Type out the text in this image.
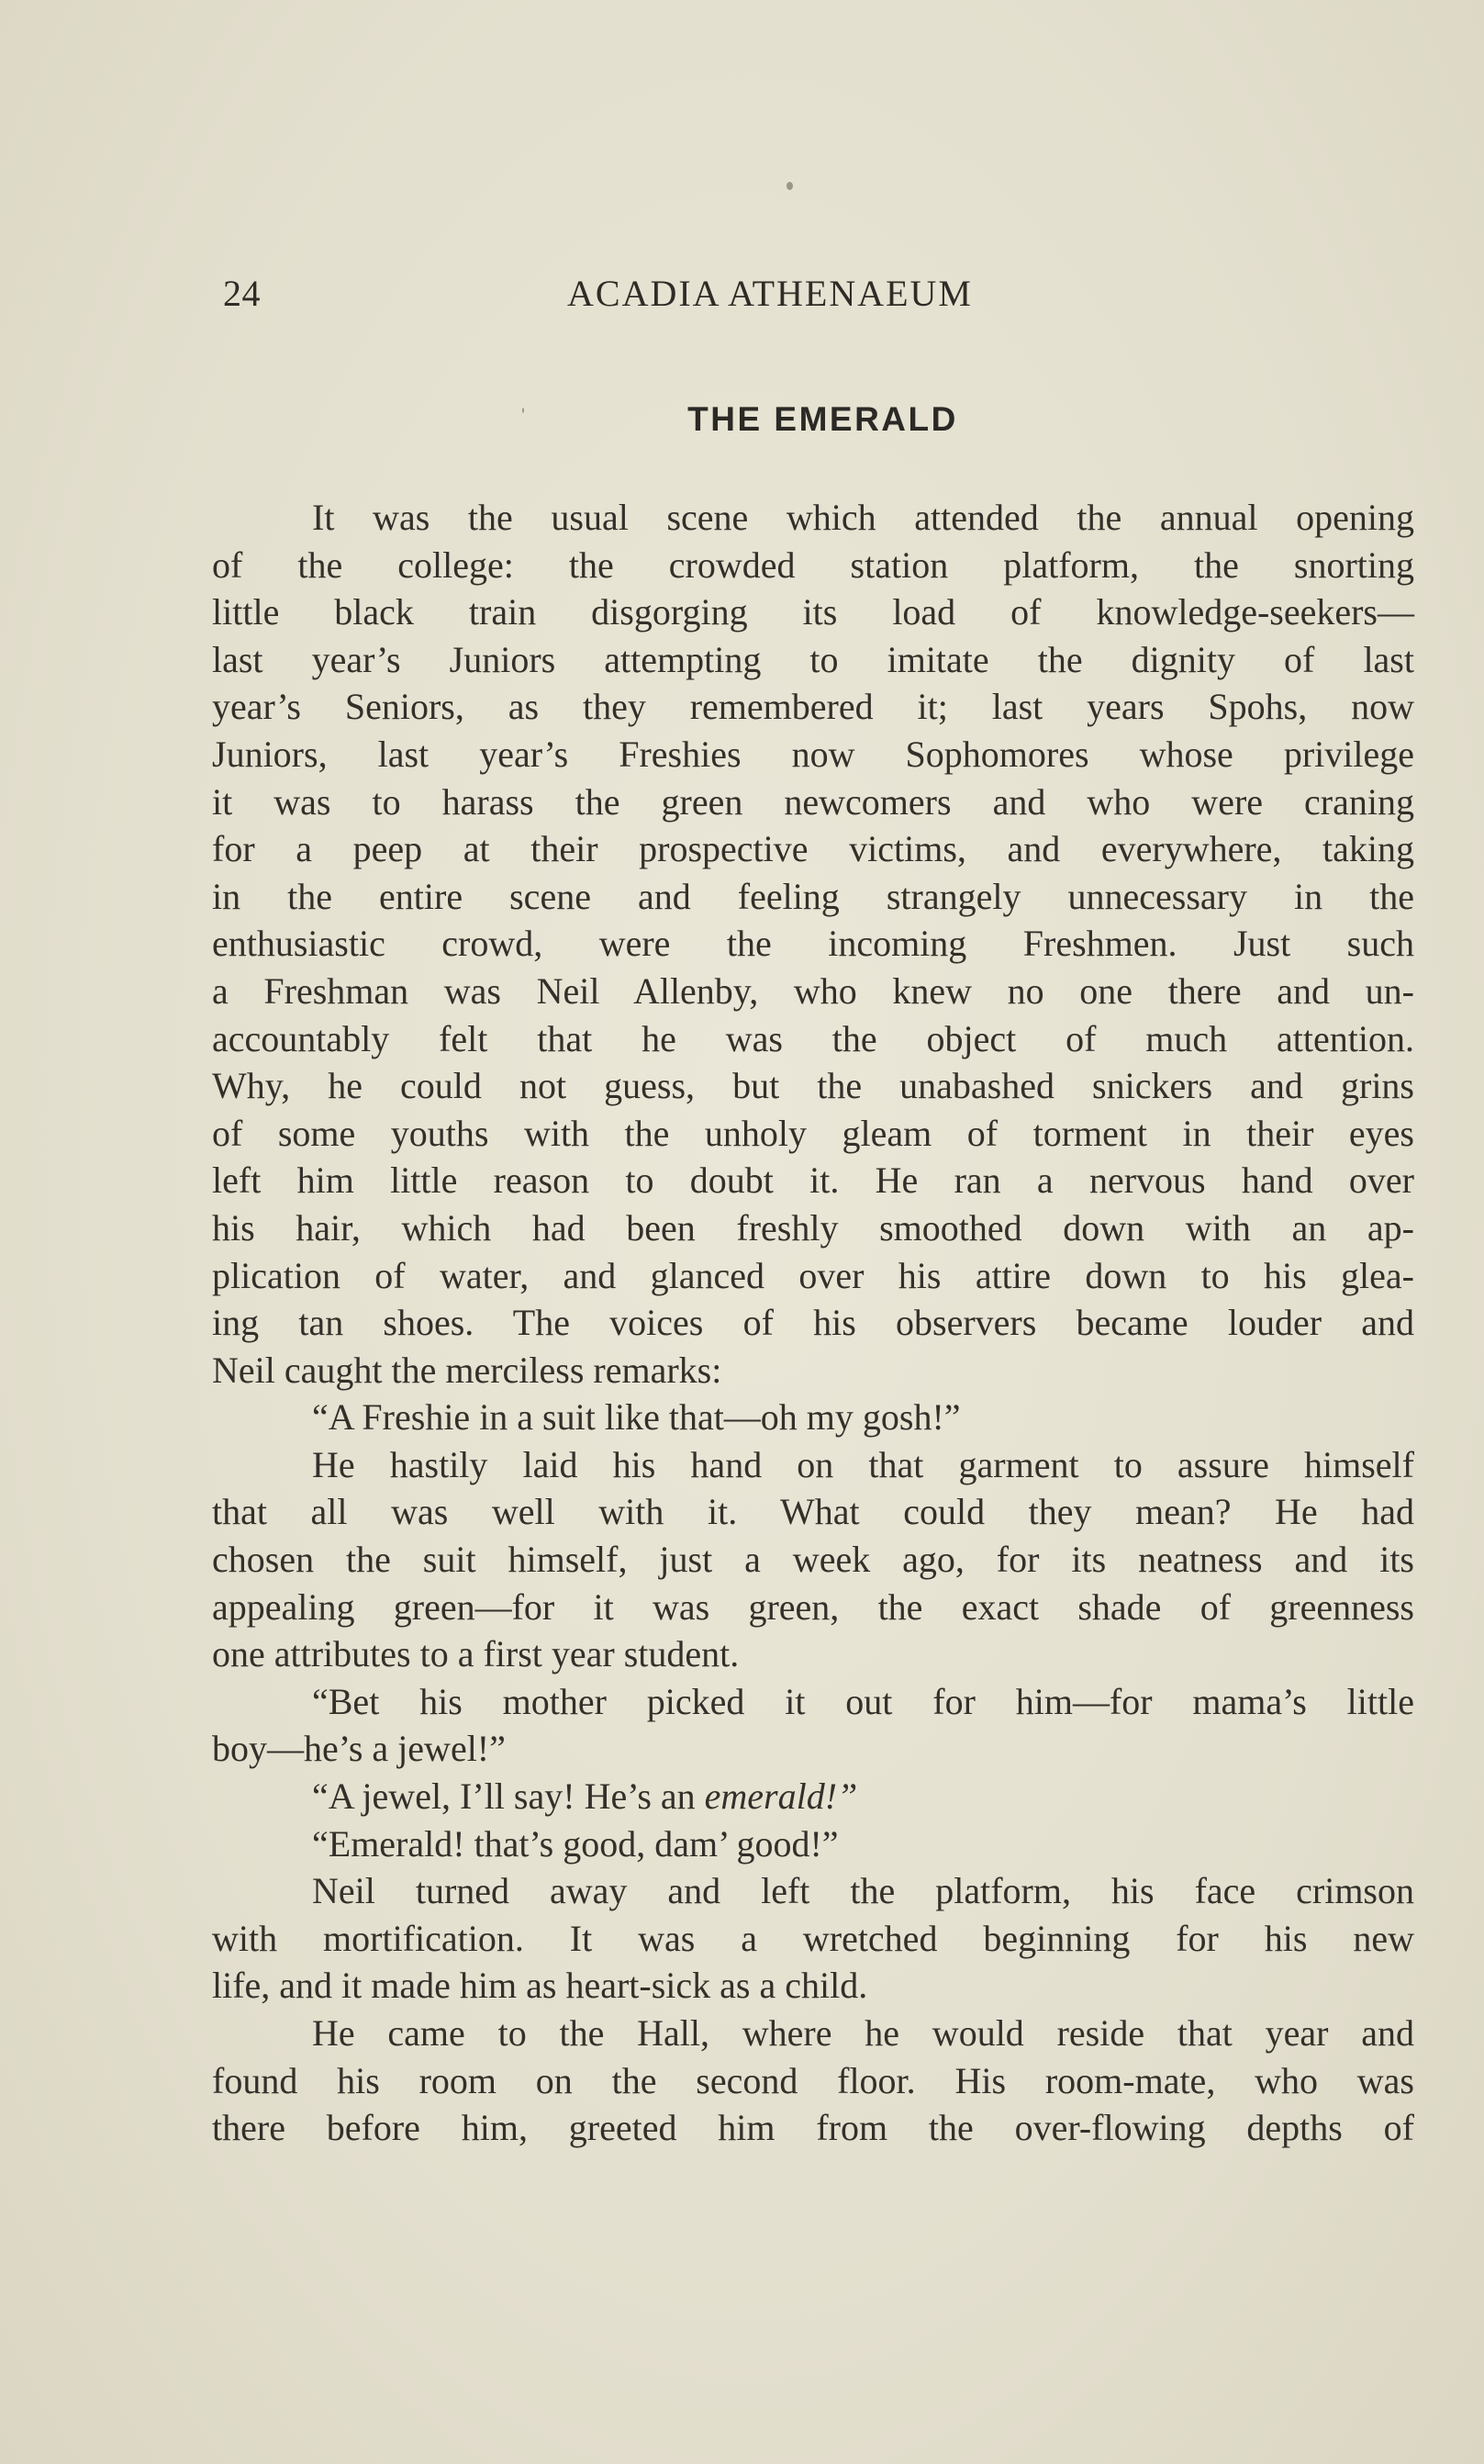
24	ACADIA ATHENAEUM
THE EMERALD
It was the usual scene which attended the annual opening
of the college: the crowded station platform, the snorting
little black train disgorging its load of knowledge-seekers—
last year’s Juniors attempting to imitate the dignity of last
year’s Seniors, as they remembered it; last years Spohs, now
Juniors, last year’s Freshies now Sophomores whose privilege
it was to harass the green newcomers and who were craning
for a peep at their prospective victims, and everywhere, taking
in the entire scene and feeling strangely unnecessary in the
enthusiastic crowd, were the incoming Freshmen. Just such
a Freshman was Neil Allenby, who knew no one there and un-
accountably felt that he was the object of much attention.
Why, he could not guess, but the unabashed snickers and grins
of some youths with the unholy gleam of torment in their eyes
left him little reason to doubt it. He ran a nervous hand over
his hair, which had been freshly smoothed down with an ap-
plication of water, and glanced over his attire down to his glea-
ing tan shoes. The voices of his observers became louder and
Neil caught the merciless remarks:
“A Freshie in a suit like that—oh my gosh!”
He hastily laid his hand on that garment to assure himself
that all was well with it. What could they mean? He had
chosen the suit himself, just a week ago, for its neatness and its
appealing green—for it was green, the exact shade of greenness
one attributes to a first year student.
“Bet his mother picked it out for him—for mama’s little
boy—he’s a jewel!”
“A jewel, I’ll say! He’s an emerald!”
“Emerald! that’s good, dam’ good!”
Neil turned away and left the platform, his face crimson
with mortification. It was a wretched beginning for his new
life, and it made him as heart-sick as a child.
He came to the Hall, where he would reside that year and
found his room on the second floor. His room-mate, who was
there before him, greeted him from the over-flowing depths of
